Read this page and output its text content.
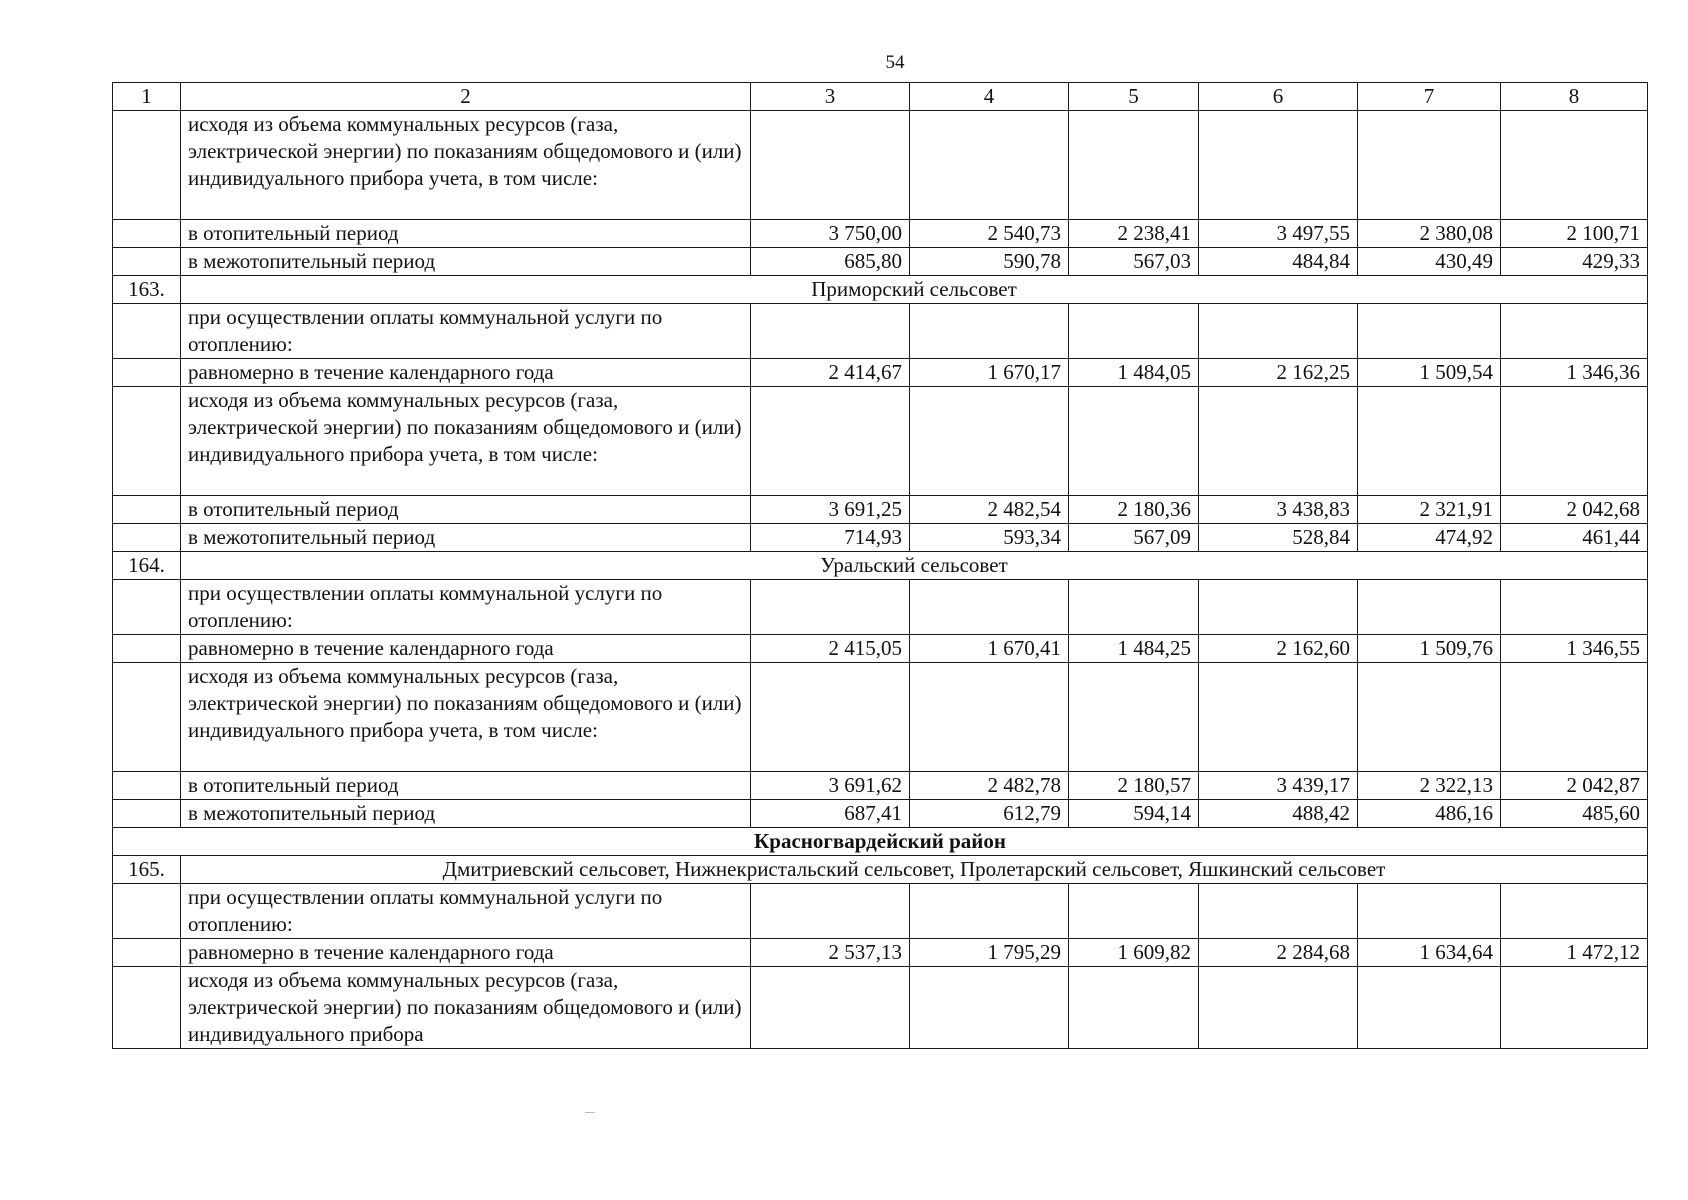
54
1	2	3	4	5	6	7	8
	исходя из объема коммунальных ресурсов (газа, электрической энергии) по показаниям общедомового и (или) индивидуального прибора учета, в том числе:						
	в отопительный период	3 750,00	2 540,73	2 238,41	3 497,55	2 380,08	2 100,71
	в межотопительный период	685,80	590,78	567,03	484,84	430,49	429,33
163.	Приморский сельсовет						
	при осуществлении оплаты коммунальной услуги по отоплению:						
	равномерно в течение календарного года	2 414,67	1 670,17	1 484,05	2 162,25	1 509,54	1 346,36
	исходя из объема коммунальных ресурсов (газа, электрической энергии) по показаниям общедомового и (или) индивидуального прибора учета, в том числе:						
	в отопительный период	3 691,25	2 482,54	2 180,36	3 438,83	2 321,91	2 042,68
	в межотопительный период	714,93	593,34	567,09	528,84	474,92	461,44
164.	Уральский сельсовет						
	при осуществлении оплаты коммунальной услуги по отоплению:						
	равномерно в течение календарного года	2 415,05	1 670,41	1 484,25	2 162,60	1 509,76	1 346,55
	исходя из объема коммунальных ресурсов (газа, электрической энергии) по показаниям общедомового и (или) индивидуального прибора учета, в том числе:						
	в отопительный период	3 691,62	2 482,78	2 180,57	3 439,17	2 322,13	2 042,87
	в межотопительный период	687,41	612,79	594,14	488,42	486,16	485,60
Красногвардейский район							
165.	Дмитриевский сельсовет, Нижнекристальский сельсовет, Пролетарский сельсовет, Яшкинский сельсовет						
	при осуществлении оплаты коммунальной услуги по отоплению:						
	равномерно в течение календарного года	2 537,13	1 795,29	1 609,82	2 284,68	1 634,64	1 472,12
	исходя из объема коммунальных ресурсов (газа, электрической энергии) по показаниям общедомового и (или) индивидуального прибора						
